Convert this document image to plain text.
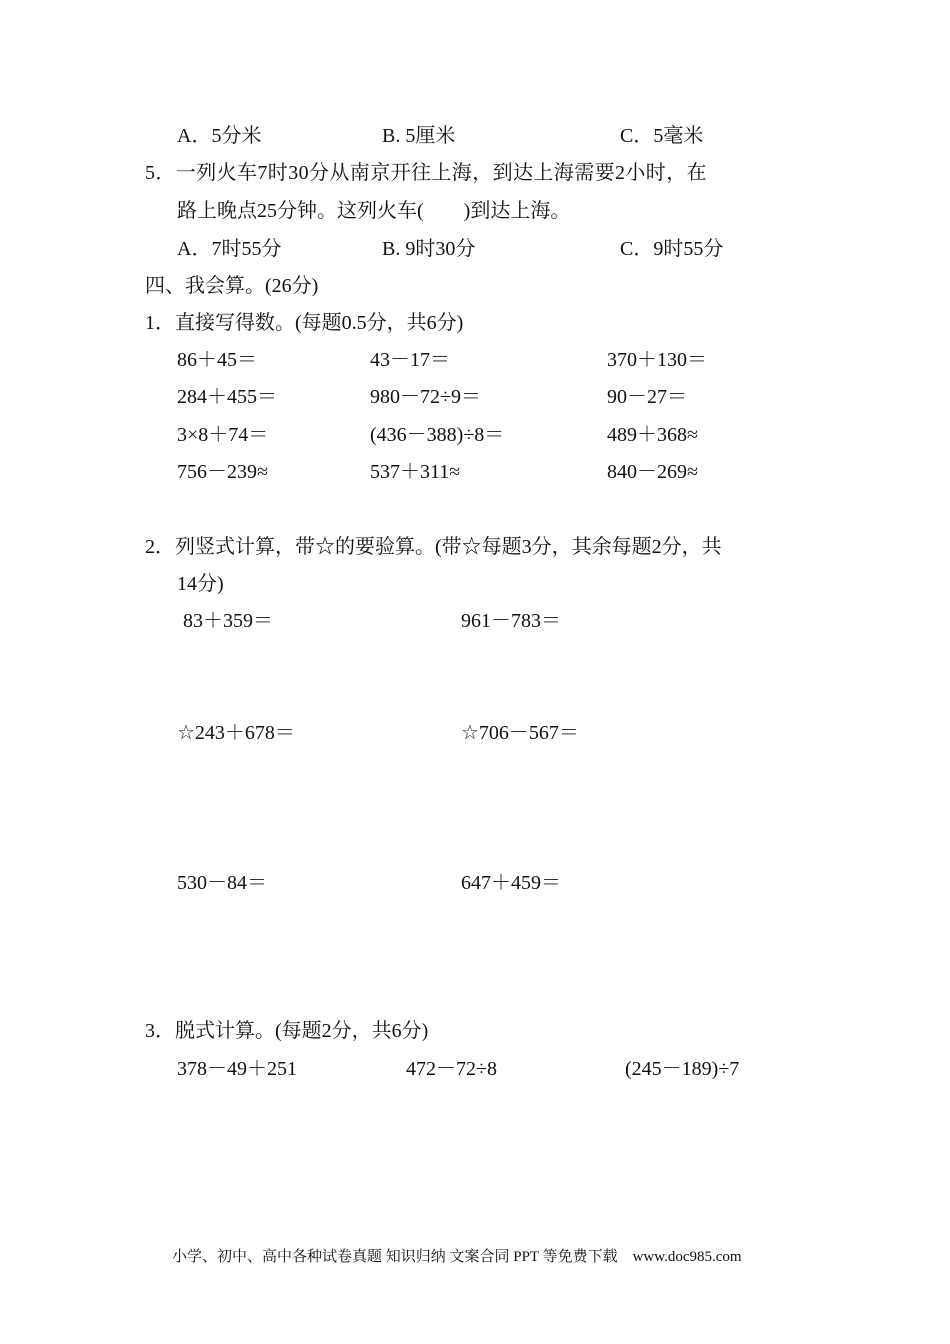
A．5分米	B. 5厘米	C．5毫米
5．一列火车7时30分从南京开往上海，到达上海需要2小时，在
路上晚点25分钟。这列火车(　　)到达上海。
A．7时55分	B. 9时30分	C．9时55分
四、我会算。(26分)
1．直接写得数。(每题0.5分，共6分)
86＋45＝	43－17＝	370＋130＝
284＋455＝	980－72÷9＝	90－27＝
3×8＋74＝	(436－388)÷8＝	489＋368≈
756－239≈	537＋311≈	840－269≈
2．列竖式计算，带☆的要验算。(带☆每题3分，其余每题2分，共
14分)
83＋359＝	961－783＝
☆243＋678＝	☆706－567＝
530－84＝	647＋459＝
3．脱式计算。(每题2分，共6分)
378－49＋251	472－72÷8	(245－189)÷7
小学、初中、高中各种试卷真题 知识归纳 文案合同 PPT 等免费下载　www.doc985.com
